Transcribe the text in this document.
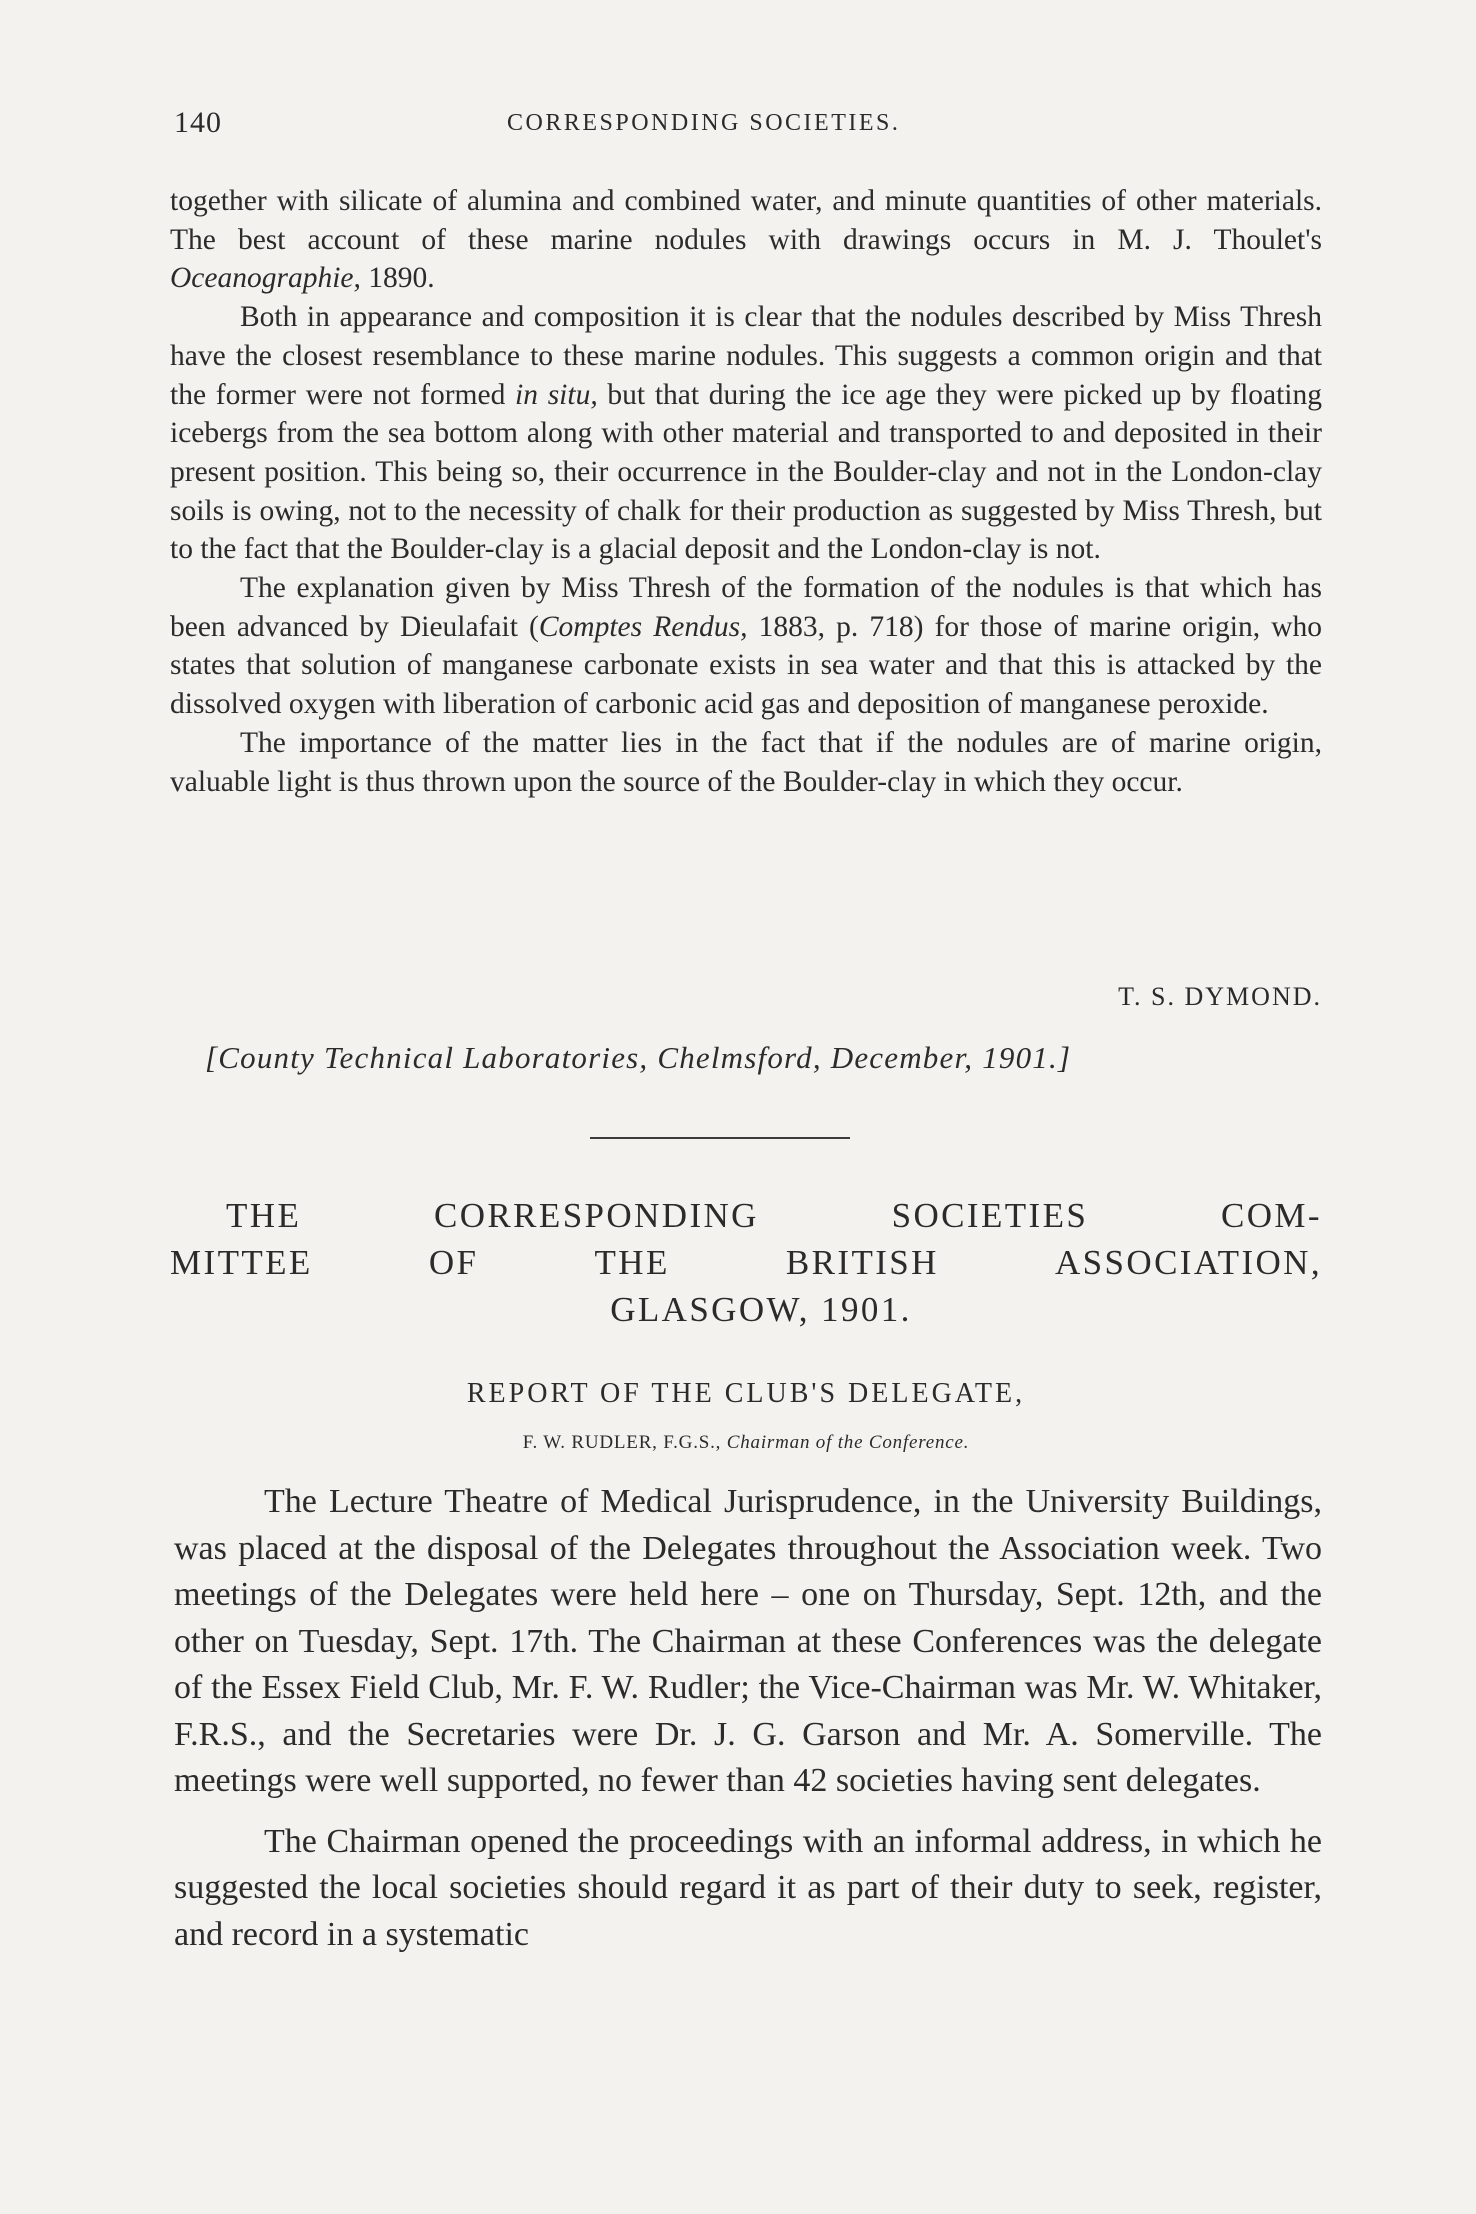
140	CORRESPONDING SOCIETIES.

together with silicate of alumina and combined water, and minute quantities of other materials. The best account of these marine nodules with drawings occurs in M. J. Thoulet's Oceanographie, 1890.

Both in appearance and composition it is clear that the nodules described by Miss Thresh have the closest resemblance to these marine nodules. This suggests a common origin and that the former were not formed in situ, but that during the ice age they were picked up by floating icebergs from the sea bottom along with other material and transported to and deposited in their present position. This being so, their occurrence in the Boulder-clay and not in the London-clay soils is owing, not to the necessity of chalk for their production as suggested by Miss Thresh, but to the fact that the Boulder-clay is a glacial deposit and the London-clay is not.

The explanation given by Miss Thresh of the formation of the nodules is that which has been advanced by Dieulafait (Comptes Rendus, 1883, p. 718) for those of marine origin, who states that solution of manganese carbonate exists in sea water and that this is attacked by the dissolved oxygen with liberation of carbonic acid gas and deposition of manganese peroxide.

The importance of the matter lies in the fact that if the nodules are of marine origin, valuable light is thus thrown upon the source of the Boulder-clay in which they occur.

T. S. DYMOND.
[County Technical Laboratories, Chelmsford, December, 1901.]
THE	CORRESPONDING	SOCIETIES	COM-
MITTEE	OF	THE	BRITISH	ASSOCIATION,
GLASGOW, 1901.
REPORT OF THE CLUB'S DELEGATE,
F. W. RUDLER, F.G.S., Chairman of the Conference.

The Lecture Theatre of Medical Jurisprudence, in the University Buildings, was placed at the disposal of the Delegates throughout the Association week. Two meetings of the Delegates were held here – one on Thursday, Sept. 12th, and the other on Tuesday, Sept. 17th. The Chairman at these Conferences was the delegate of the Essex Field Club, Mr. F. W. Rudler; the Vice-Chairman was Mr. W. Whitaker, F.R.S., and the Secretaries were Dr. J. G. Garson and Mr. A. Somerville. The meetings were well supported, no fewer than 42 societies having sent delegates.

The Chairman opened the proceedings with an informal address, in which he suggested the local societies should regard it as part of their duty to seek, register, and record in a systematic
